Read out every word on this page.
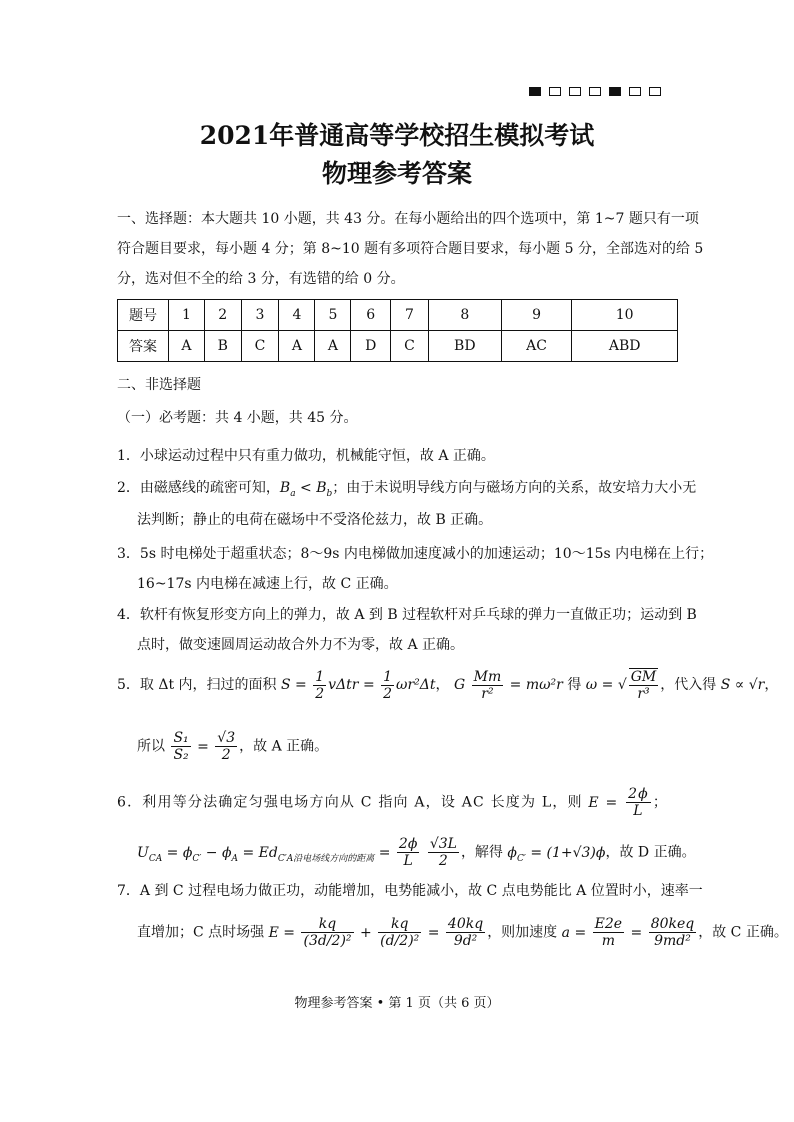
2021年普通高等学校招生模拟考试
物理参考答案
一、选择题：本大题共 10 小题，共 43 分。在每小题给出的四个选项中，第 1~7 题只有一项
符合题目要求，每小题 4 分；第 8~10 题有多项符合题目要求，每小题 5 分，全部选对的给 5
分，选对但不全的给 3 分，有选错的给 0 分。
题号	1	2	3	4	5	6	7	8	9	10
答案	A	B	C	A	A	D	C	BD	AC	ABD
二、非选择题
（一）必考题：共 4 小题，共 45 分。
1．小球运动过程中只有重力做功，机械能守恒，故 A 正确。
2．由磁感线的疏密可知，$B_a < B_b$；由于未说明导线方向与磁场方向的关系，故安培力大小无
法判断；静止的电荷在磁场中不受洛伦兹力，故 B 正确。
3．5s 时电梯处于超重状态；8～9s 内电梯做加速度减小的加速运动；10～15s 内电梯在上行；
16~17s 内电梯在减速上行，故 C 正确。
4．软杆有恢复形变方向上的弹力，故 A 到 B 过程软杆对乒乓球的弹力一直做正功；运动到 B
点时，做变速圆周运动故合外力不为零，故 A 正确。
5．取 Δt 内，扫过的面积 $S = \frac{1}{2}$ $v\Delta tr = \frac{1}{2} \omega r^2\Delta t$， G $\frac{Mm}{\text{r²}} = m\omega^2r$ 得 ω = √ $\frac{GM}{\text{r³}}$ ，代入得 S ∝ √r，
所以 $\frac{\text{S₁}}{\text{S₂}} = \frac{√3}{2}$ ，故 A 正确。
6．利用等分法确定匀强电场方向从 C 指向 A，设 AC 长度为 L，则 $E = \frac{2\phi}{L}$ ；
$U_{CA} = \phi_{C'} - \phi_A = Ed_{C'A沿电场线方向的距离} = \frac{2\phi}{L}$
$\frac{√3L}{2}$ ，解得 $\phi_{C'} = (1+√3)\phi$，故 D 正确。
7．A 到 C 过程电场力做正功，动能增加，电势能减小，故 C 点电势能比 A 位置时小，速率一
直增加；C 点时场强 $E = \frac{kq}{\text{(3d/2)²}} + \frac{kq}{\text{(d/2)²}} = \frac{40kq}{\text{9d²}}$ ，则加速度 $a = \frac{E2e}{m} = \frac{\text{80keq}}{\text{9md²}}$ ，故 C 正确。
物理参考答案 • 第 1 页（共 6 页）
